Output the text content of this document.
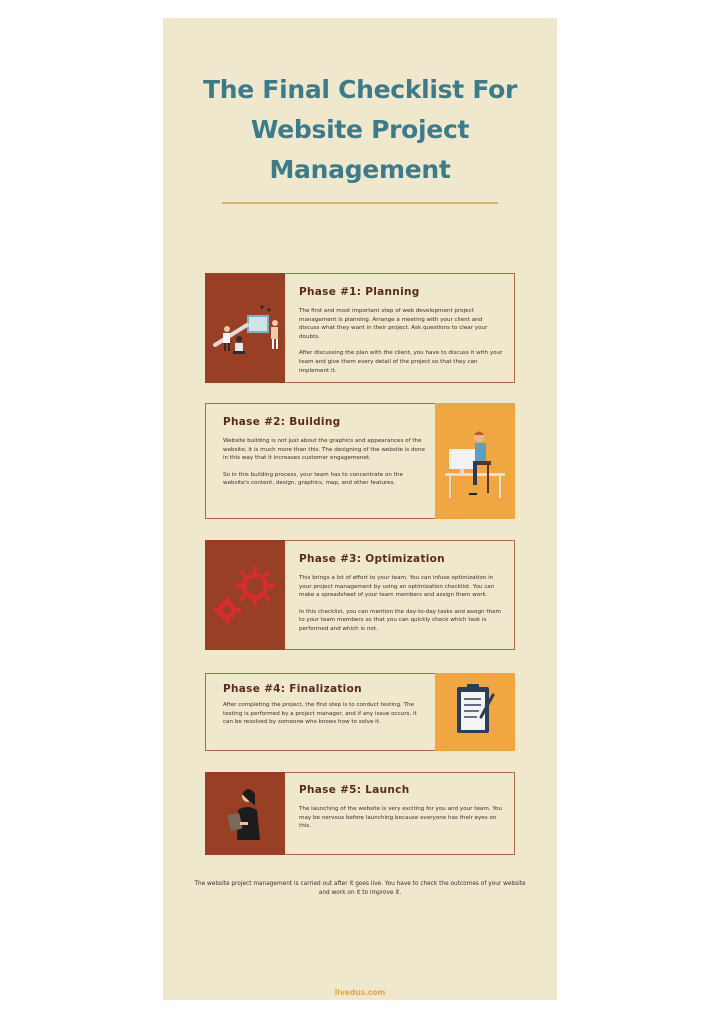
The Final Checklist For
Website Project
Management
Phase #1: Planning

The first and most important step of web development project management is planning. Arrange a meeting with your client and discuss what they want in their project. Ask questions to clear your doubts.

After discussing the plan with the client, you have to discuss it with your team and give them every detail of the project so that they can implement it.

Phase #2: Building

Website building is not just about the graphics and appearances of the website; it is much more than this. The designing of the website is done in this way that it increases customer engagemenet.

So in this building process, your team has to concentrate on the website's content, design, graphics, map, and other features.

Phase #3: Optimization

This brings a lot of effort to your team. You can infuse optimization in your project management by using an optimization checklist. You can make a spreadsheet of your team members and assign them work.

In this checklist, you can mention the day-to-day tasks and assign them to your team members so that you can quickly check which task is performed and which is not.

Phase #4: Finalization

After completing the project, the first step is to conduct testing. The testing is performed by a project manager, and if any issue occurs, it can be resolved by someone who knows how to solve it.

Phase #5: Launch

The launching of the website is very exciting for you and your team. You may be nervous before launching because everyone has their eyes on this.

The website project management is carried out after it goes live. You have to check the outcomes of your website and work on it to improve it.

livedus.com
